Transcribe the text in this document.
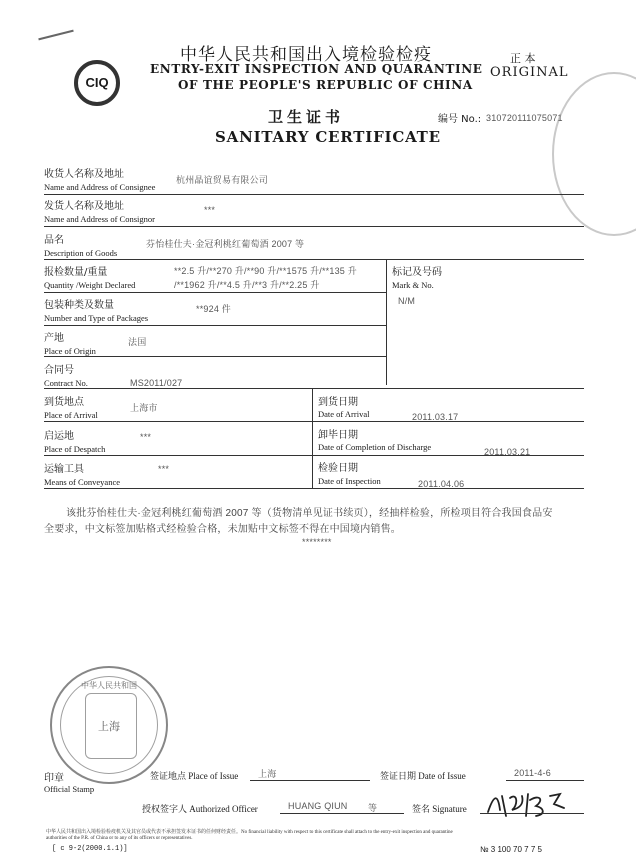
CIQ
中华人民共和国出入境检验检疫
ENTRY-EXIT INSPECTION AND QUARANTINE
OF THE PEOPLE'S REPUBLIC OF CHINA
正 本
ORIGINAL
卫生证书
SANITARY CERTIFICATE
编号 No.: 310720111075071
收货人名称及地址
Name and Address of Consignee
杭州晶谊贸易有限公司
发货人名称及地址
Name and Address of Consignor
***
品名
Description of Goods
芬怡桂仕夫·金冠利桃红葡萄酒 2007 等
报检数量/重量
Quantity /Weight Declared
**2.5 升/**270 升/**90 升/**1575 升/**135 升
/**1962 升/**4.5 升/**3 升/**2.25 升
标记及号码
Mark & No.
N/M
包装种类及数量
Number and Type of Packages
**924 件
产地
Place of Origin
法国
合同号
Contract No.	MS2011/027
到货地点
Place of Arrival
上海市	到货日期
Date of Arrival	2011.03.17
启运地
Place of Despatch
***	卸毕日期
Date of Completion of Discharge	2011.03.21
运输工具
Means of Conveyance
***	检验日期
Date of Inspection	2011.04.06
该批芬怡桂仕夫·金冠利桃红葡萄酒 2007 等（货物清单见证书续页），经抽样检验，所检项目符合我国食品安
全要求，中文标签加贴格式经检验合格，未加贴中文标签不得在中国境内销售。
********
中华人民共和国
上海
印章
Official Stamp
签证地点 Place of Issue 上海	签证日期 Date of Issue	2011-4-6
授权签字人 Authorized Officer	HUANG QIUN 等	签名 Signature
中华人民共和国出入境检验检疫机关及其官员或代表不承担签发本证书的任何财经责任。No financial liability with respect to this certificate shall attach to the entry-exit inspection and quarantine
authorities of the P.R. of China or to any of its officers or representatives.
[ c 9-2(2000.1.1)]	№ 3 100 70 7 7 5
